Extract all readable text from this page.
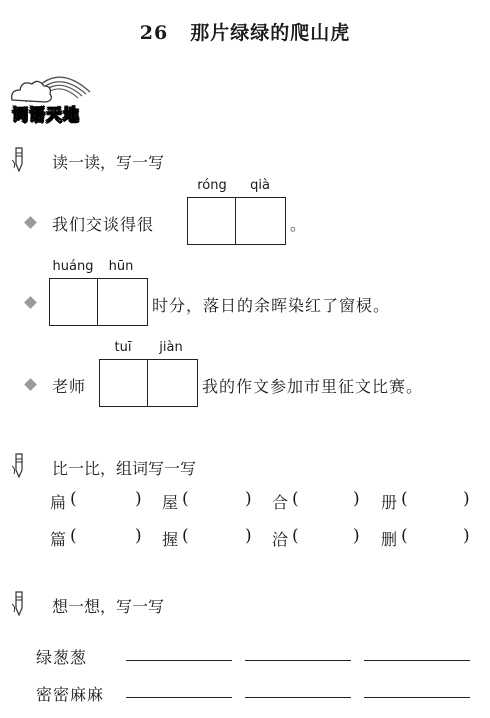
26 那片绿绿的爬山虎
词语天地
读一读，写一写
róng	qià
我们交谈得很	。
huáng	hūn
时分，落日的余晖染红了窗棂。
tuī	jiàn
老师	我的作文参加市里征文比赛。
比一比，组词写一写
扁 (	) 屋 (	) 合 (	) 册 (	)
篇 (	) 握 (	) 洽 (	) 删 (	)
想一想，写一写
绿葱葱
密密麻麻
